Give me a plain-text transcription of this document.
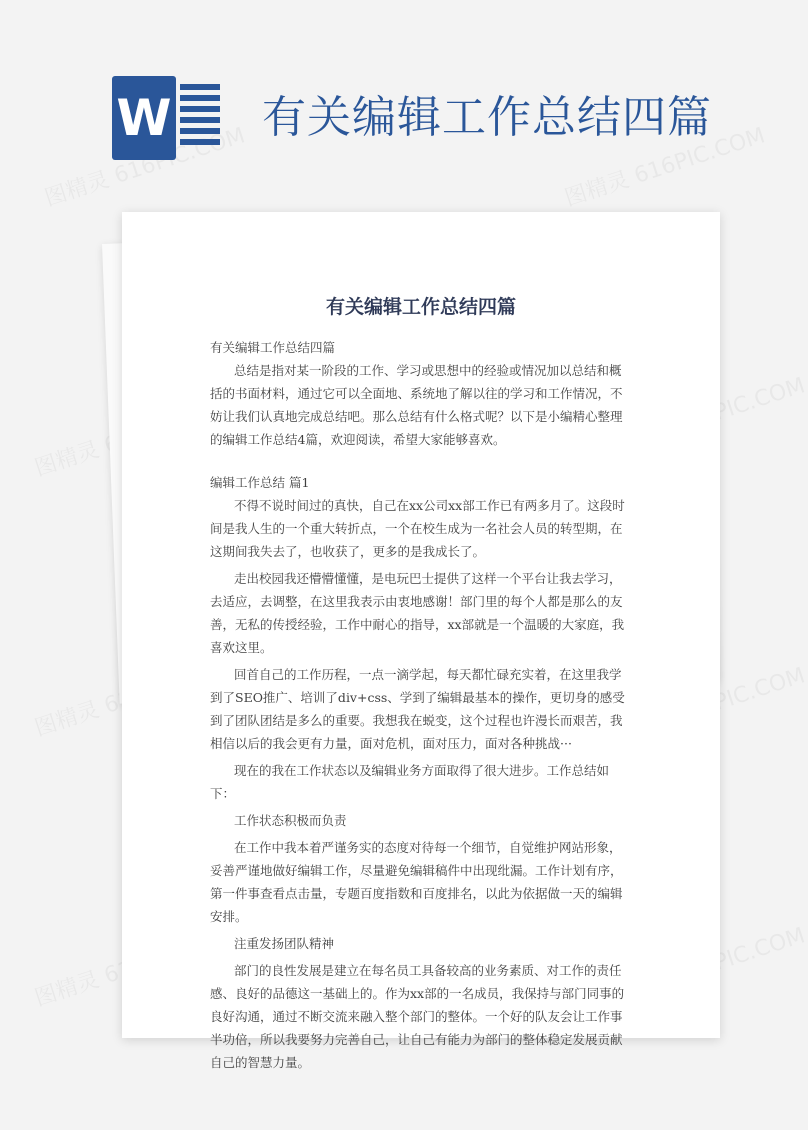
W 有关编辑工作总结四篇
有关编辑工作总结四篇

有关编辑工作总结四篇

总结是指对某一阶段的工作、学习或思想中的经验或情况加以总结和概括的书面材料，通过它可以全面地、系统地了解以往的学习和工作情况，不妨让我们认真地完成总结吧。那么总结有什么格式呢？以下是小编精心整理的编辑工作总结4篇，欢迎阅读，希望大家能够喜欢。

编辑工作总结 篇1

不得不说时间过的真快，自己在xx公司xx部工作已有两多月了。这段时间是我人生的一个重大转折点，一个在校生成为一名社会人员的转型期，在这期间我失去了，也收获了，更多的是我成长了。

走出校园我还懵懵懂懂，是电玩巴士提供了这样一个平台让我去学习，去适应，去调整，在这里我表示由衷地感谢！部门里的每个人都是那么的友善，无私的传授经验，工作中耐心的指导，xx部就是一个温暖的大家庭，我喜欢这里。

回首自己的工作历程，一点一滴学起，每天都忙碌充实着，在这里我学到了SEO推广、培训了div+css、学到了编辑最基本的操作，更切身的感受到了团队团结是多么的重要。我想我在蜕变，这个过程也许漫长而艰苦，我相信以后的我会更有力量，面对危机，面对压力，面对各种挑战···

现在的我在工作状态以及编辑业务方面取得了很大进步。工作总结如下：

工作状态积极而负责

在工作中我本着严谨务实的态度对待每一个细节，自觉维护网站形象，妥善严谨地做好编辑工作，尽量避免编辑稿件中出现纰漏。工作计划有序，第一件事查看点击量，专题百度指数和百度排名，以此为依据做一天的编辑安排。

注重发扬团队精神

部门的良性发展是建立在每名员工具备较高的业务素质、对工作的责任感、良好的品德这一基础上的。作为xx部的一名成员，我保持与部门同事的良好沟通，通过不断交流来融入整个部门的整体。一个好的队友会让工作事半功倍，所以我要努力完善自己，让自己有能力为部门的整体稳定发展贡献自己的智慧力量。
